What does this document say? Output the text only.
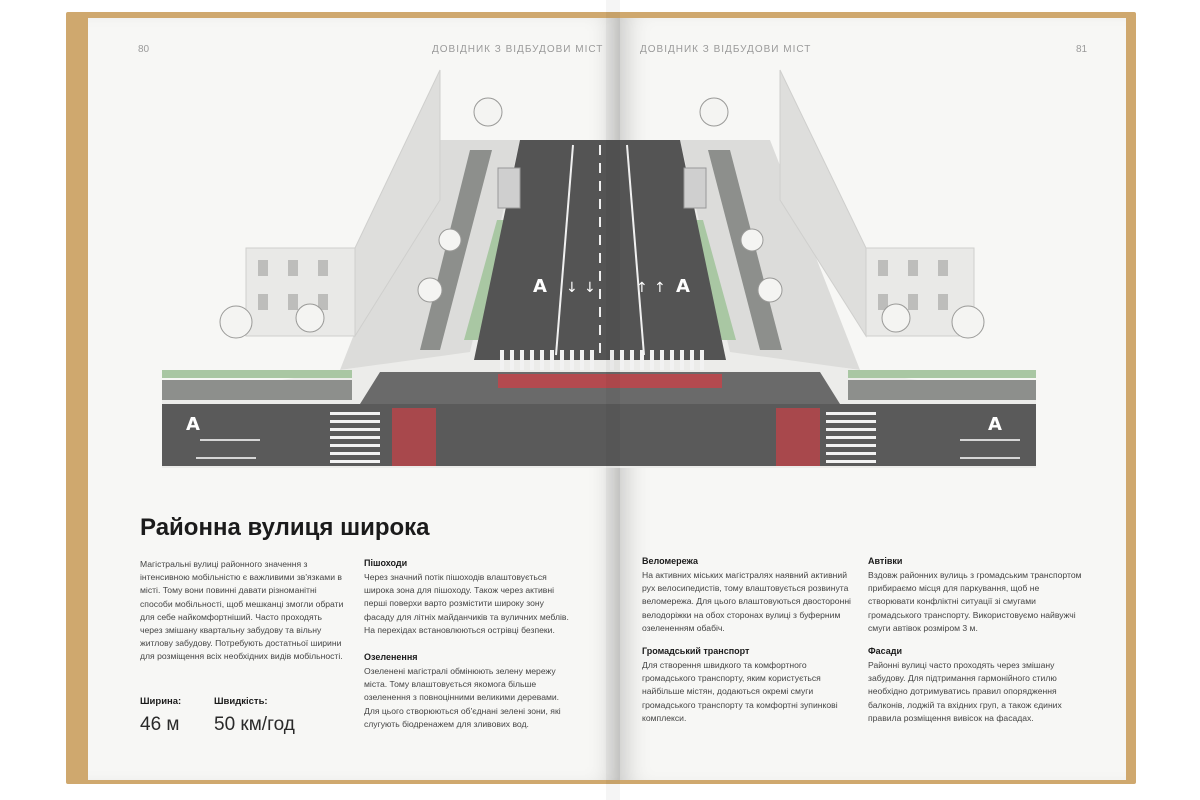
80	ДОВІДНИК З ВІДБУДОВИ МІСТ	ДОВІДНИК З ВІДБУДОВИ МІСТ	81
А	А
↓ ↓	↑ ↑
А	А
Районна вулиця широка

Магістральні вулиці районного значення з інтенсивною мобільністю є важливими зв'язками в місті. Тому вони повинні давати різноманітні способи мобільності, щоб мешканці змогли обрати для себе найкомфортніший. Часто проходять через змішану квартальну забудову та вільну житлову забудову. Потребують достатньої ширини для розміщення всіх необхідних видів мобільності.

Ширина:
46 м
Швидкість:
50 км/год
Пішоходи

Через значний потік пішоходів влаштовується широка зона для пішоходу. Також через активні перші поверхи варто розмістити широку зону фасаду для літніх майданчиків та вуличних меблів. На перехідах встановлюються острівці безпеки.

Озеленення

Озеленені магістралі обмінюють зелену мережу міста. Тому влаштовується якомога більше озеленення з повноцінними великими деревами. Для цього створюються об'єднані зелені зони, які слугують біодренажем для зливових вод.

Веломережа

На активних міських магістралях наявний активний рух велосипедистів, тому влаштовується розвинута веломережа. Для цього влаштовуються двосторонні велодоріжки на обох сторонах вулиці з буферним озелененням обабіч.

Громадський транспорт

Для створення швидкого та комфортного громадського транспорту, яким користується найбільше містян, додаються окремі смуги громадського транспорту та комфортні зупинкові комплекси.

Автівки

Вздовж районних вулиць з громадським транспортом прибираємо місця для паркування, щоб не створювати конфліктні ситуації зі смугами громадського транспорту. Використовуємо найвужчі смуги автівок розміром 3 м.

Фасади

Районні вулиці часто проходять через змішану забудову. Для підтримання гармонійного стилю необхідно дотримуватись правил опорядження балконів, лоджій та вхідних груп, а також єдиних правила розміщення вивісок на фасадах.
